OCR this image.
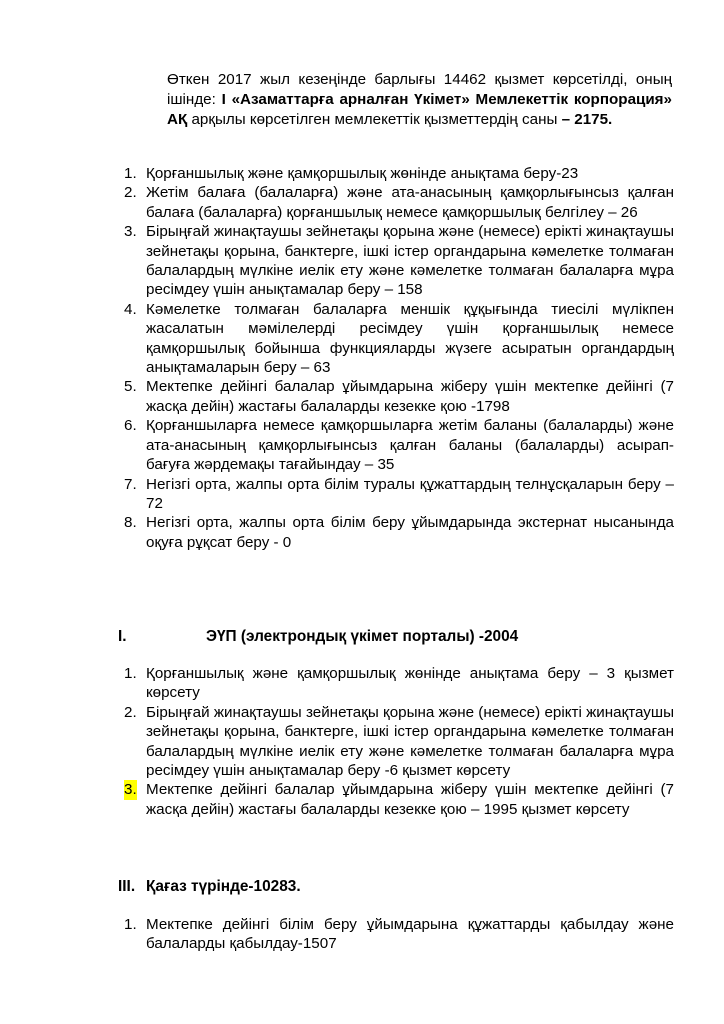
Өткен 2017 жыл кезеңінде барлығы 14462 қызмет көрсетілді, оның ішінде: І «Азаматтарға арналған Үкімет» Мемлекеттік корпорация» АҚ арқылы көрсетілген мемлекеттік қызметтердің саны – 2175.

1. Қорғаншылық және қамқоршылық жөнінде анықтама беру-23
2. Жетім балаға (балаларға) және ата-анасының қамқорлығынсыз қалған балаға (балаларға) қорғаншылық немесе қамқоршылық белгілеу – 26
3. Бірыңғай жинақтаушы зейнетақы қорына және (немесе) ерікті жинақтаушы зейнетақы қорына, банктерге, ішкі істер органдарына кәмелетке толмаған балалардың мүлкіне иелік ету және кәмелетке толмаған балаларға мұра ресімдеу үшін анықтамалар беру – 158
4. Кәмелетке толмаған балаларға меншік құқығында тиесілі мүлікпен жасалатын мәмілелерді ресімдеу үшін қорғаншылық немесе қамқоршылық бойынша функцияларды жүзеге асыратын органдардың анықтамаларын беру – 63
5. Мектепке дейінгі балалар ұйымдарына жіберу үшін мектепке дейінгі (7 жасқа дейін) жастағы балаларды кезекке қою -1798
6. Қорғаншыларға немесе қамқоршыларға жетім баланы (балаларды) және ата-анасының қамқорлығынсыз қалған баланы (балаларды) асырап-бағуға жәрдемақы тағайындау – 35
7. Негізгі орта, жалпы орта білім туралы құжаттардың телнұсқаларын беру – 72
8. Негізгі орта, жалпы орта білім беру ұйымдарында экстернат нысанында оқуға рұқсат беру - 0
I.	ЭҮП (электрондық үкімет порталы) -2004
1. Қорғаншылық және қамқоршылық жөнінде анықтама беру – 3 қызмет көрсету
2. Бірыңғай жинақтаушы зейнетақы қорына және (немесе) ерікті жинақтаушы зейнетақы қорына, банктерге, ішкі істер органдарына кәмелетке толмаған балалардың мүлкіне иелік ету және кәмелетке толмаған балаларға мұра ресімдеу үшін анықтамалар беру -6 қызмет көрсету
3. Мектепке дейінгі балалар ұйымдарына жіберу үшін мектепке дейінгі (7 жасқа дейін) жастағы балаларды кезекке қою – 1995 қызмет көрсету
III. Қағаз түрінде-10283.
1. Мектепке дейінгі білім беру ұйымдарына құжаттарды қабылдау және балаларды қабылдау-1507
